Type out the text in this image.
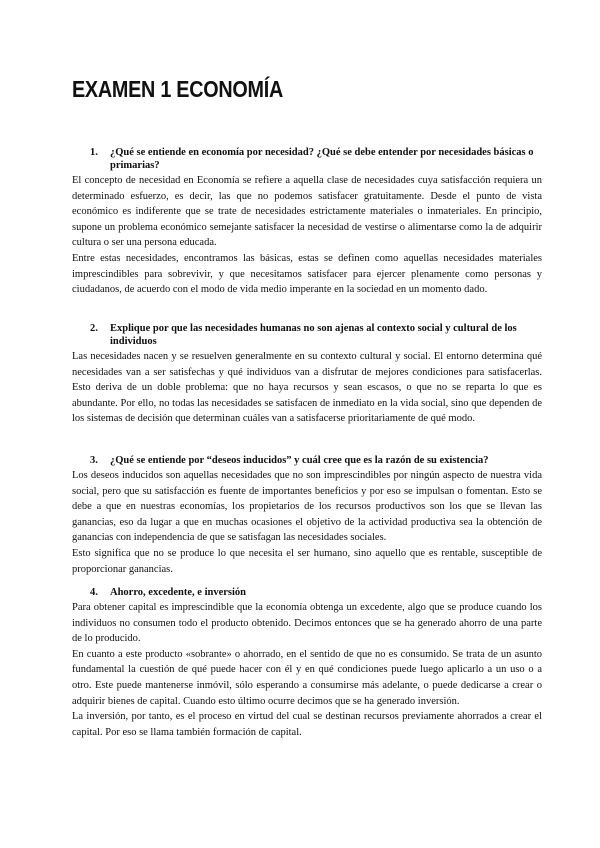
EXAMEN 1 ECONOMÍA
1.	¿Qué se entiende en economía por necesidad? ¿Qué se debe entender por necesidades básicas o primarias?

El concepto de necesidad en Economía se refiere a aquella clase de necesidades cuya satisfacción requiera un determinado esfuerzo, es decir, las que no podemos satisfacer gratuitamente. Desde el punto de vista económico es indiferente que se trate de necesidades estrictamente materiales o inmateriales. En principio, supone un problema económico semejante satisfacer la necesidad de vestirse o alimentarse como la de adquirir cultura o ser una persona educada.

Entre estas necesidades, encontramos las básicas, estas se definen como aquellas necesidades materiales imprescindibles para sobrevivir, y que necesitamos satisfacer para ejercer plenamente como personas y ciudadanos, de acuerdo con el modo de vida medio imperante en la sociedad en un momento dado.

2.	Explique por que las necesidades humanas no son ajenas al contexto social y cultural de los individuos

Las necesidades nacen y se resuelven generalmente en su contexto cultural y social. El entorno determina qué necesidades van a ser satisfechas y qué individuos van a disfrutar de mejores condiciones para satisfacerlas. Esto deriva de un doble problema: que no haya recursos y sean escasos, o que no se reparta lo que es abundante. Por ello, no todas las necesidades se satisfacen de inmediato en la vida social, sino que dependen de los sistemas de decisión que determinan cuáles van a satisfacerse prioritariamente de qué modo.

3.	¿Qué se entiende por “deseos inducidos” y cuál cree que es la razón de su existencia?

Los deseos inducidos son aquellas necesidades que no son imprescindibles por ningún aspecto de nuestra vida social, pero que su satisfacción es fuente de importantes beneficios y por eso se impulsan o fomentan. Esto se debe a que en nuestras economías, los propietarios de los recursos productivos son los que se llevan las ganancias, eso da lugar a que en muchas ocasiones el objetivo de la actividad productiva sea la obtención de ganancias con independencia de que se satisfagan las necesidades sociales.

Esto significa que no se produce lo que necesita el ser humano, sino aquello que es rentable, susceptible de proporcionar ganancias.

4.	Ahorro, excedente, e inversión

Para obtener capital es imprescindible que la economía obtenga un excedente, algo que se produce cuando los individuos no consumen todo el producto obtenido. Decimos entonces que se ha generado ahorro de una parte de lo producido.

En cuanto a este producto «sobrante» o ahorrado, en el sentido de que no es consumido. Se trata de un asunto fundamental la cuestión de qué puede hacer con él y en qué condiciones puede luego aplicarlo a un uso o a otro. Este puede mantenerse inmóvil, sólo esperando a consumirse más adelante, o puede dedicarse a crear o adquirir bienes de capital. Cuando esto último ocurre decimos que se ha generado inversión.

La inversión, por tanto, es el proceso en virtud del cual se destinan recursos previamente ahorrados a crear el capital. Por eso se llama también formación de capital.
